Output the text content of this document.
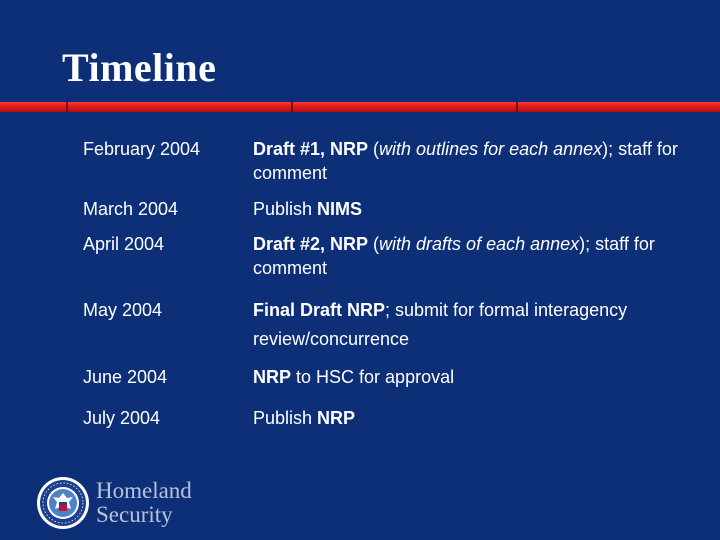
Timeline
February 2004	Draft #1, NRP (with outlines for each annex); staff for comment
March 2004	Publish NIMS
April 2004	Draft #2, NRP (with drafts of each annex); staff for comment
May 2004	Final Draft NRP; submit for formal interagency review/concurrence
June 2004	NRP to HSC for approval
July 2004	Publish NRP
Homeland
Security
